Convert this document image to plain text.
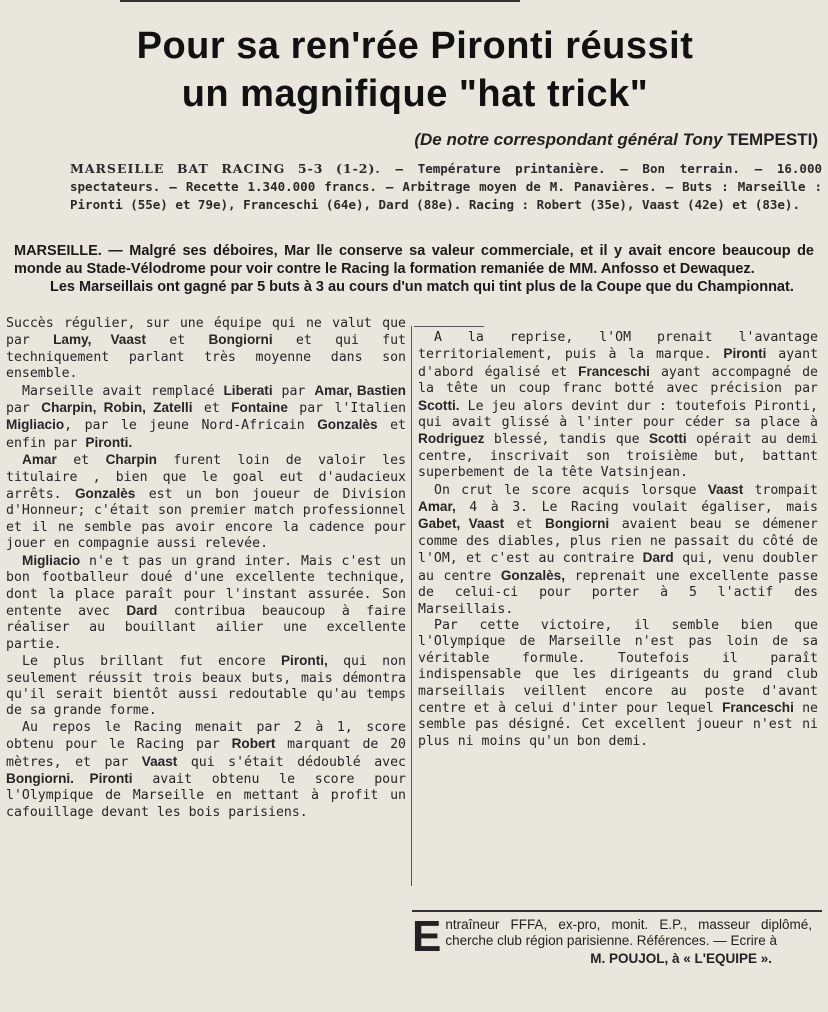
Pour sa ren'rée Pironti réussit
un magnifique "hat trick"
(De notre correspondant général Tony TEMPESTI)
MARSEILLE BAT RACING 5-3 (1-2). — Température printanière. — Bon terrain. — 16.000 spectateurs. — Recette 1.340.000 francs. — Arbitrage moyen de M. Panavières. — Buts : Marseille : Pironti (55e) et 79e), Franceschi (64e), Dard (88e). Racing : Robert (35e), Vaast (42e) et (83e).

MARSEILLE. — Malgré ses déboires, Mar lle conserve sa valeur commerciale, et il y avait encore beaucoup de monde au Stade-Vélodrome pour voir contre le Racing la formation remaniée de MM. Anfosso et Dewaquez.

Les Marseillais ont gagné par 5 buts à 3 au cours d'un match qui tint plus de la Coupe que du Championnat.

Succès régulier, sur une équipe qui ne valut que par Lamy, Vaast et Bongiorni et qui fut techniquement parlant très moyenne dans son ensemble.

Marseille avait remplacé Liberati par Amar, Bastien par Charpin, Robin, Zatelli et Fontaine par l'Italien Migliacio, par le jeune Nord-Africain Gonzalès et enfin par Pironti.

Amar et Charpin furent loin de valoir les titulaire , bien que le goal eut d'audacieux arrêts. Gonzalès est un bon joueur de Division d'Honneur; c'était son premier match professionnel et il ne semble pas avoir encore la cadence pour jouer en compagnie aussi relevée.

Migliacio n'e t pas un grand inter. Mais c'est un bon footballeur doué d'une excellente technique, dont la place paraît pour l'instant assurée. Son entente avec Dard contribua beaucoup à faire réaliser au bouillant ailier une excellente partie.

Le plus brillant fut encore Pironti, qui non seulement réussit trois beaux buts, mais démontra qu'il serait bientôt aussi redoutable qu'au temps de sa grande forme.

Au repos le Racing menait par 2 à 1, score obtenu pour le Racing par Robert marquant de 20 mètres, et par Vaast qui s'était dédoublé avec Bongiorni. Pironti avait obtenu le score pour l'Olympique de Marseille en mettant à profit un cafouillage devant les bois parisiens.

A la reprise, l'OM prenait l'avantage territorialement, puis à la marque. Pironti ayant d'abord égalisé et Franceschi ayant accompagné de la tête un coup franc botté avec précision par Scotti. Le jeu alors devint dur : toutefois Pironti, qui avait glissé à l'inter pour céder sa place à Rodriguez blessé, tandis que Scotti opérait au demi centre, inscrivait son troisième but, battant superbement de la tête Vatsinjean.

On crut le score acquis lorsque Vaast trompait Amar, 4 à 3. Le Racing voulait égaliser, mais Gabet, Vaast et Bongiorni avaient beau se démener comme des diables, plus rien ne passait du côté de l'OM, et c'est au contraire Dard qui, venu doubler au centre Gonzalès, reprenait une excellente passe de celui-ci pour porter à 5 l'actif des Marseillais.

Par cette victoire, il semble bien que l'Olympique de Marseille n'est pas loin de sa véritable formule. Toutefois il paraît indispensable que les dirigeants du grand club marseillais veillent encore au poste d'avant centre et à celui d'inter pour lequel Franceschi ne semble pas désigné. Cet excellent joueur n'est ni plus ni moins qu'un bon demi.

Entraîneur FFFA, ex-pro, monit. E.P., masseur diplômé, cherche club région parisienne. Références. — Ecrire à
M. POUJOL, à « L'EQUIPE ».
